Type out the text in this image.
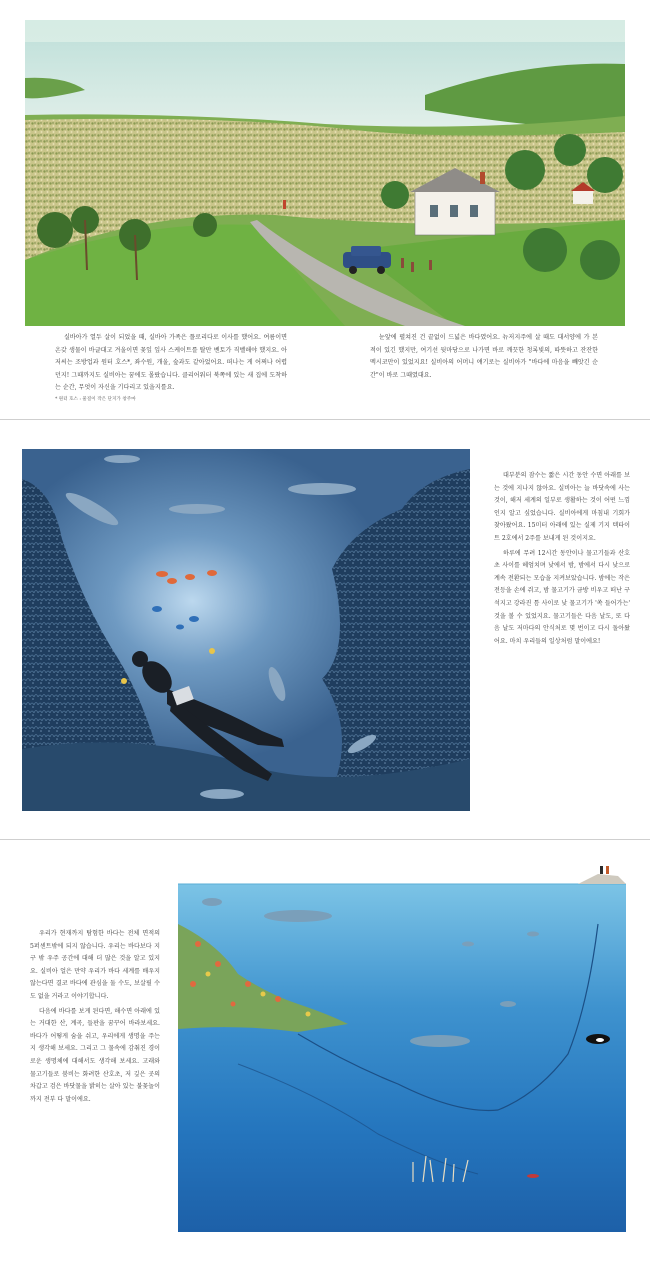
실바아가 열두 살이 되었을 때, 실바아 가족은 플로리다로 이사를 했어요. 여름이면 온갖 생물이 바글대고 겨울이면 꽃잎 잎사 스케이트를 탈만 벤토가 직벨해야 했지요. 아저씨는 조방업과 원터 호스*, 좌수원, 개울, 숲과도 같아었어요. 떠나는 게 어쩌나 어렵던지! 그때까지도 실비아는 꿈에도 몰랐습니다. 클리어워터 북쪽에 있는 새 집에 도착하는 순간, 무엇이 자신을 기다리고 있을지를요.

* 원터 호스 : 물질이 작은 단지가 창주마

눈앞에 펼쳐진 건 끝없이 드넓은 바다였어요. 뉴저지주에 살 때도 대서양에 가 본 적이 있긴 했지만, 여기선 뒷마당으로 나가면 바로 깨끗한 청록빛의, 따뜻하고 잔잔한 멕시코만이 있었지요! 실비아의 어머니 얘기로는 실비아가 "바다에 마음을 빼앗긴 순간"이 바로 그때였대요.

대부분의 잠수는 짧은 시간 동안 수면 아래를 보는 것에 지나지 않아요. 실비아는 늘 바닷속에 사는 것이, 해저 세계의 일부로 생활하는 것이 어떤 느낌인지 알고 싶었습니다. 실비아에게 마침내 기회가 찾아왔어요. 15미터 아래에 있는 실제 기지 텍타이트 2호에서 2주를 보내게 된 것이지요.

하루에 무려 12시간 동안이나 물고기들과 산호초 사이를 헤엄치며 낮에서 밤, 밤에서 다시 낮으로 계속 전환되는 모습을 지켜보았습니다. 밤에는 작은 전등을 손에 쥐고, 밤 물고기가 금방 비우고 떠난 구석지고 강라진 틈 사이로 낮 물고기가 '쏙 들어가는' 것을 볼 수 있었지요. 물고기들은 다음 날도, 또 다음 날도 저마다의 안식처로 몇 번이고 다시 돌아왔어요. 마치 우리들의 일상처럼 말이에요!

우리가 현재까지 탐험한 바다는 전체 면적의 5퍼센트밖에 되지 않습니다. 우리는 바다보다 지구 밖 우주 공간에 대해 더 많은 것을 알고 있지요. 실비아 얼은 만약 우리가 바다 세계를 배우지 않는다면 결코 바다에 관심을 둘 수도, 보살필 수도 없을 거라고 이야기합니다.

다음에 바다를 보게 된다면, 해수면 아래에 있는 거대한 산, 계곡, 들판을 꿈꾸어 바라보세요. 바다가 어떻게 숨을 쉬고, 우리에게 생명을 주는지 생각해 보세요. 그리고 그 물속에 감춰진 경이로운 생명체에 대해서도 생각해 보세요. 고래와 물고기들로 붐비는 화려한 산호초, 저 깊은 곳의 차갑고 검은 바닷물을 밝히는 살아 있는 불꽃놀이까지 전부 다 말이에요.
